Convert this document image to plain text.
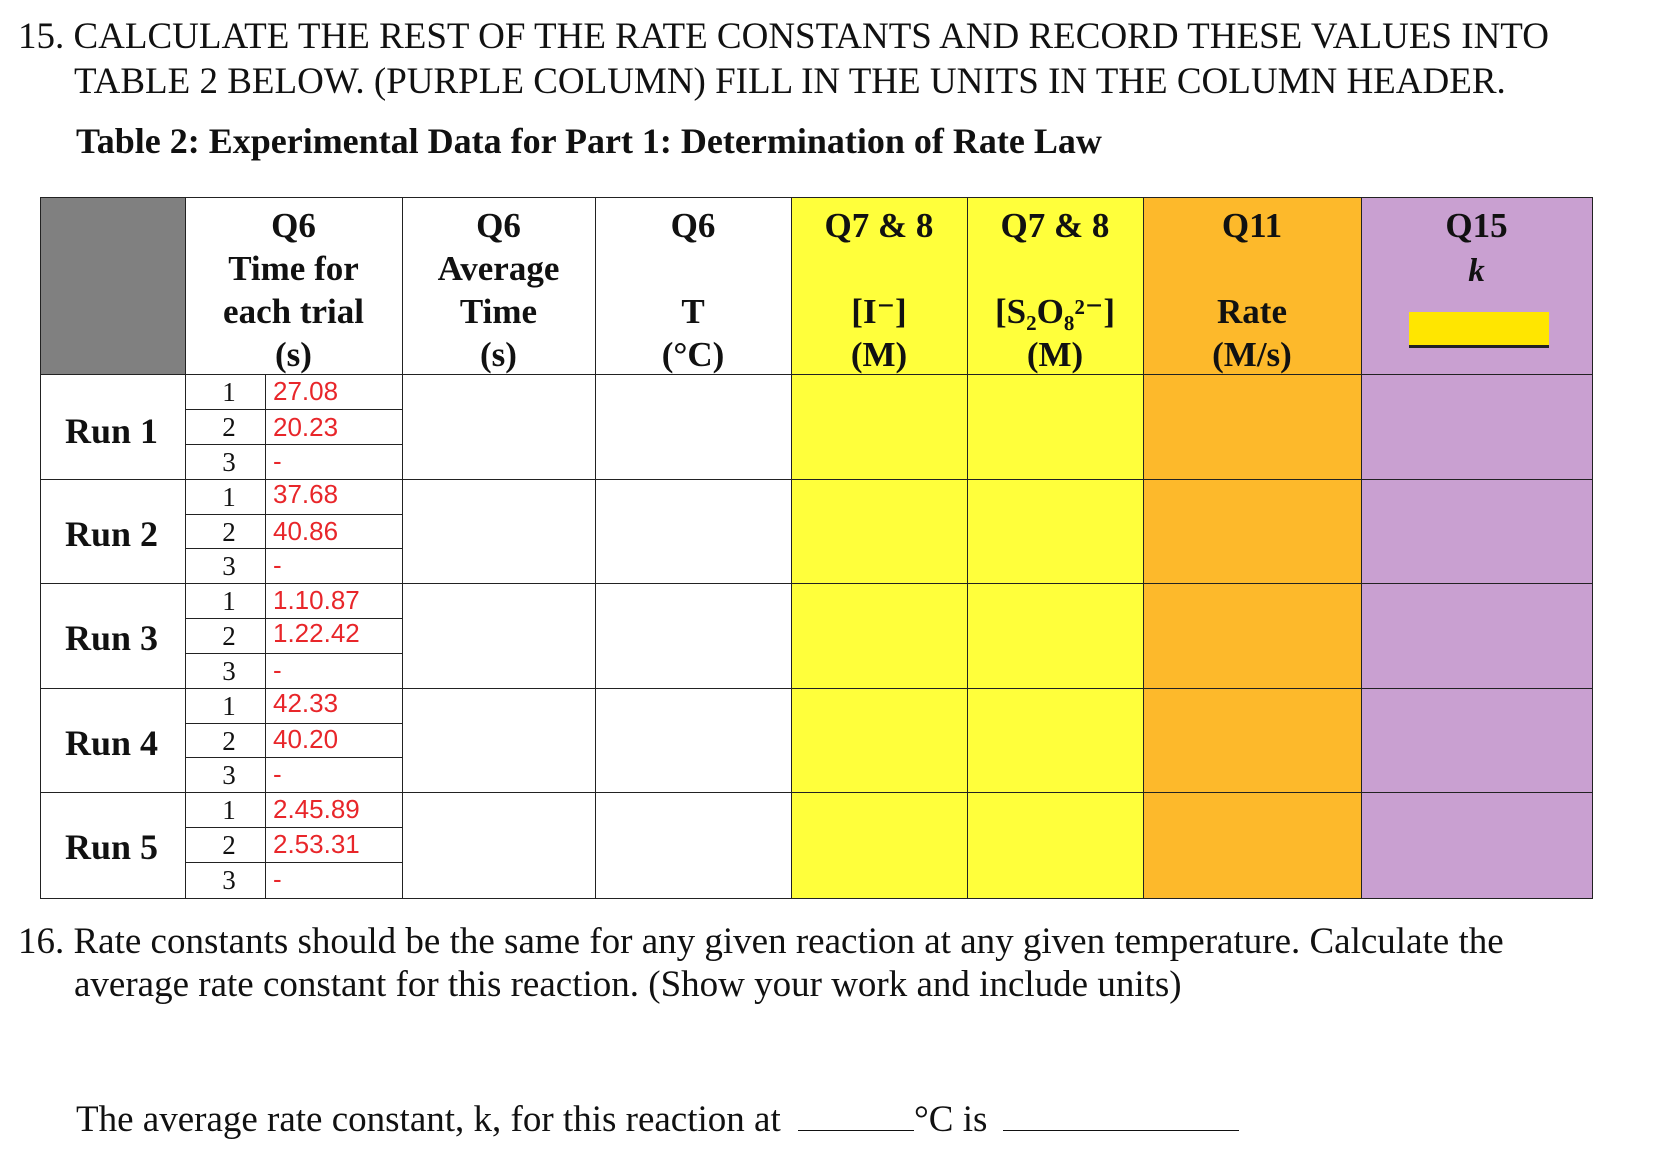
15. CALCULATE THE REST OF THE RATE CONSTANTS AND RECORD THESE VALUES INTO
TABLE 2 BELOW. (PURPLE COLUMN) FILL IN THE UNITS IN THE COLUMN HEADER.
Table 2: Experimental Data for Part 1: Determination of Rate Law
Q6
Time for
each trial
(s)
Q6
Average
Time
(s)
Q6
T
(°C)
Q7 & 8
[I⁻]
(M)
Q7 & 8
[S₂O₈²⁻]
(M)
Q11
Rate
(M/s)
Q15
k
Run 1
1
2
3
27.08
20.23
-
Run 2
1
2
3
37.68
40.86
-
Run 3
1
2
3
1.10.87
1.22.42
-
Run 4
1
2
3
42.33
40.20
-
Run 5
1
2
3
2.45.89
2.53.31
-
16. Rate constants should be the same for any given reaction at any given temperature. Calculate the
average rate constant for this reaction. (Show your work and include units)
The average rate constant, k, for this reaction at	°C is
